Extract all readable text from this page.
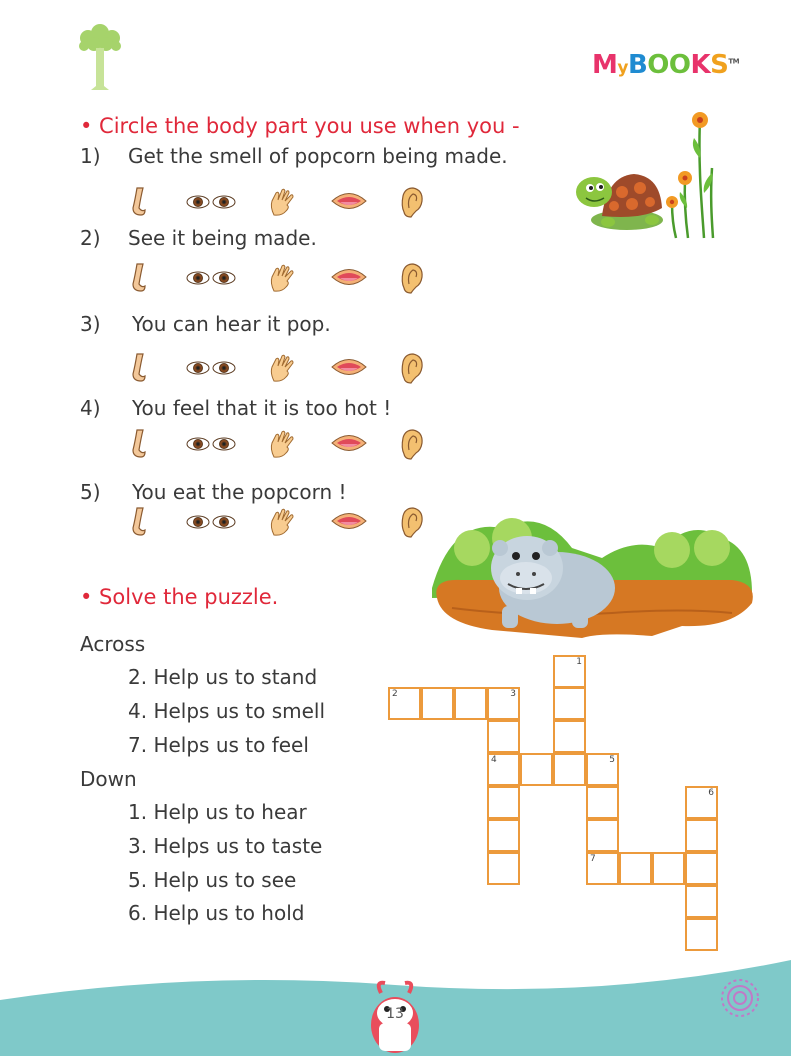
MyBOOKS™
• Circle the body part you use when you -
1) Get the smell of popcorn being made.
2) See it being made.
3) You can hear it pop.
4) You feel that it is too hot !
5) You eat the popcorn !
• Solve the puzzle.
Across
2. Help us to stand
4. Helps us to smell
7. Helps us to feel
Down
1. Help us to hear
3. Helps us to taste
5. Help us to see
6. Help us to hold
2	3
1
4	5
6
7
13
